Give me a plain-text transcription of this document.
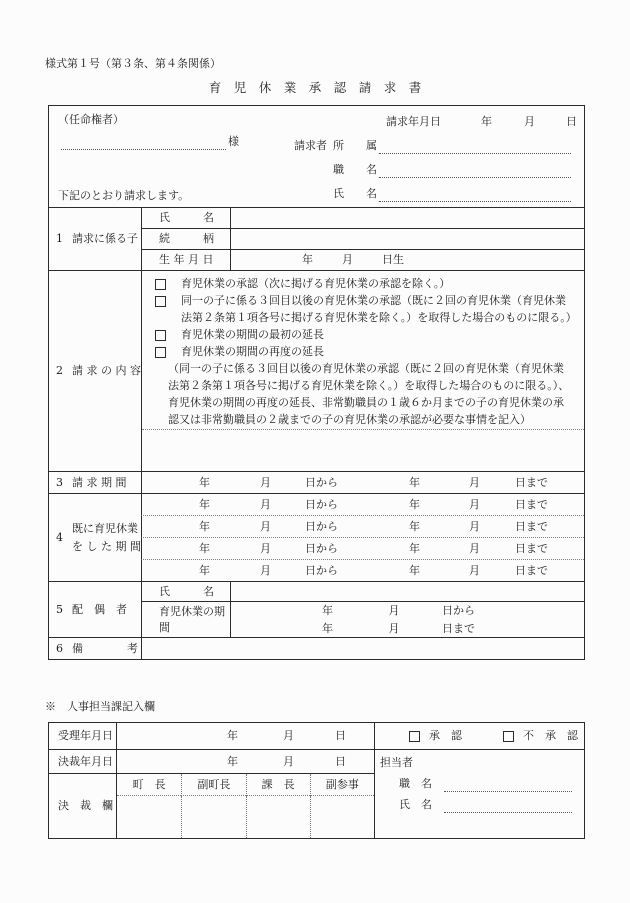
様式第１号（第３条、第４条関係）
育　児　休　業　承　認　請　求　書
（任命権者）
様
請求年月日	年	月	日
請求者 所　　属
職　　名
氏　　名
下記のとおり請求します。
1 請求に係る子
氏　　　名
続　　　柄
生 年 月 日	年	月	日生
2 請 求 の 内 容
育児休業の承認（次に掲げる育児休業の承認を除く。）
同一の子に係る３回目以後の育児休業の承認（既に２回の育児休業（育児休業法第２条第１項各号に掲げる育児休業を除く。）を取得した場合のものに限る。）
育児休業の期間の最初の延長
育児休業の期間の再度の延長
（同一の子に係る３回目以後の育児休業の承認（既に２回の育児休業（育児休業法第２条第１項各号に掲げる育児休業を除く。）を取得した場合のものに限る。）、育児休業の期間の再度の延長、非常勤職員の１歳６か月までの子の育児休業の承認又は非常勤職員の２歳までの子の育児休業の承認が必要な事情を記入）
3 請 求 期 間	年	月	日から	年	月	日まで
4
既に育児休業
を し た 期 間
年	月	日から	年	月	日まで
年	月	日から	年	月	日まで
年	月	日から	年	月	日まで
年	月	日から	年	月	日まで
5 配　偶　者
氏　　　名
育児休業の期間
年	月	日から
年	月	日まで
6 備　　　　考
※　人事担当課記入欄
受理年月日	年	月	日	承　認	不　承　認
決裁年月日	年	月	日	担当者
職　名
氏　名
決　裁　欄
町　長	副町長	課　長	副参事
